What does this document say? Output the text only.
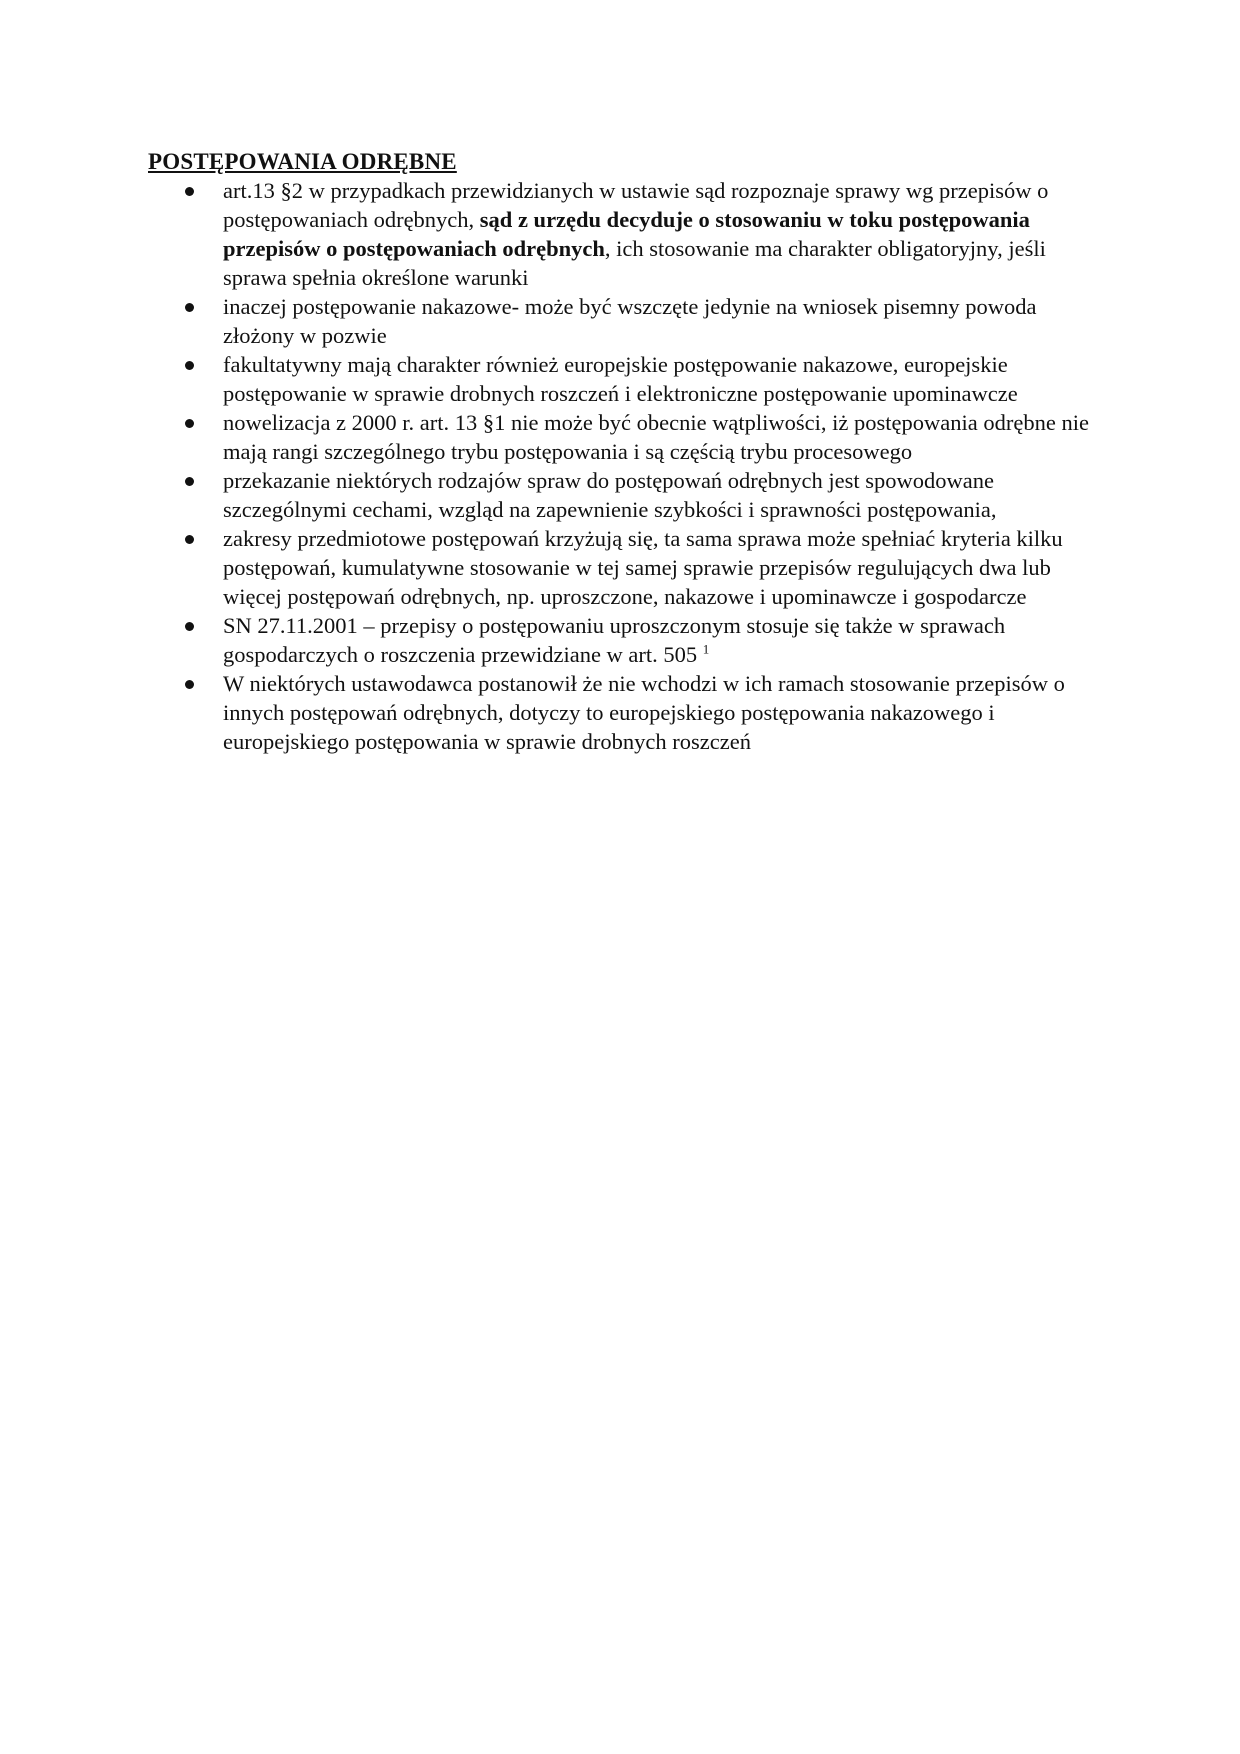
POSTĘPOWANIA ODRĘBNE
art.13 §2 w przypadkach przewidzianych w ustawie sąd rozpoznaje sprawy wg przepisów o postępowaniach odrębnych, sąd z urzędu decyduje o stosowaniu w toku postępowania przepisów o postępowaniach odrębnych, ich stosowanie ma charakter obligatoryjny, jeśli sprawa spełnia określone warunki
inaczej postępowanie nakazowe- może być wszczęte jedynie na wniosek pisemny powoda złożony w pozwie
fakultatywny mają charakter również europejskie postępowanie nakazowe, europejskie postępowanie w sprawie drobnych roszczeń i elektroniczne postępowanie upominawcze
nowelizacja z 2000 r. art. 13 §1 nie może być obecnie wątpliwości, iż postępowania odrębne nie mają rangi szczególnego trybu postępowania i są częścią trybu procesowego
przekazanie niektórych rodzajów spraw do postępowań odrębnych jest spowodowane szczególnymi cechami, wzgląd na zapewnienie szybkości i sprawności postępowania,
zakresy przedmiotowe postępowań krzyżują się, ta sama sprawa może spełniać kryteria kilku postępowań, kumulatywne stosowanie w tej samej sprawie przepisów regulujących dwa lub więcej postępowań odrębnych, np. uproszczone, nakazowe i upominawcze i gospodarcze
SN 27.11.2001 – przepisy o postępowaniu uproszczonym stosuje się także w sprawach gospodarczych o roszczenia przewidziane w art. 505 $^1$
W niektórych ustawodawca postanowił że nie wchodzi w ich ramach stosowanie przepisów o innych postępowań odrębnych, dotyczy to europejskiego postępowania nakazowego i europejskiego postępowania w sprawie drobnych roszczeń
